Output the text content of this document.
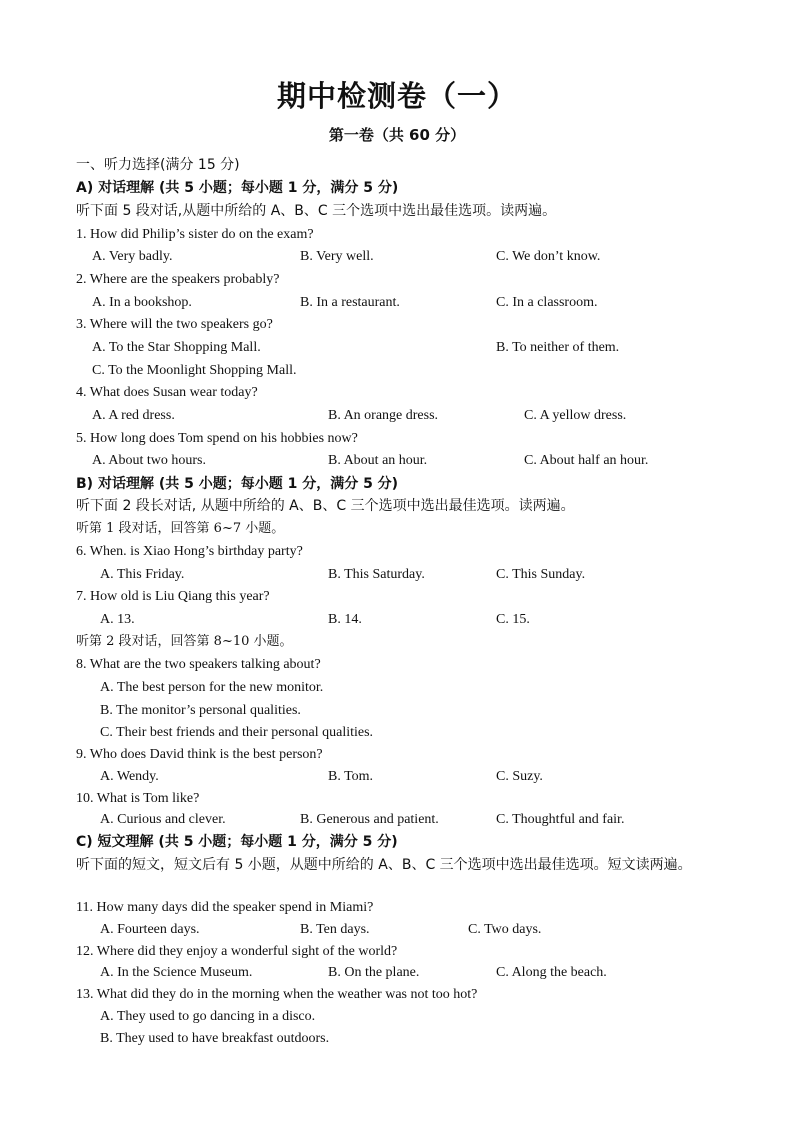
期中检测卷（一）
第一卷（共 60 分）
一、听力选择(满分 15 分)
A) 对话理解 (共 5 小题；每小题 1 分，满分 5 分)
听下面 5 段对话,从题中所给的 A、B、C 三个选项中选出最佳选项。读两遍。
1. How did Philip’s sister do on the exam?
A. Very badly.	B. Very well.	C. We don’t know.
2. Where are the speakers probably?
A. In a bookshop.	B. In a restaurant.	C. In a classroom.
3. Where will the two speakers go?
A. To the Star Shopping Mall.	B. To neither of them.
C. To the Moonlight Shopping Mall.
4. What does Susan wear today?
A. A red dress.	B. An orange dress.	C. A yellow dress.
5. How long does Tom spend on his hobbies now?
A. About two hours.	B. About an hour.	C. About half an hour.
B) 对话理解 (共 5 小题；每小题 1 分，满分 5 分)
听下面 2 段长对话, 从题中所给的 A、B、C 三个选项中选出最佳选项。读两遍。
听第 1 段对话，回答第 6~7 小题。
6. When. is Xiao Hong’s birthday party?
A. This Friday.	B. This Saturday.	C. This Sunday.
7. How old is Liu Qiang this year?
A. 13.	B. 14.	C. 15.
听第 2 段对话，回答第 8~10 小题。
8. What are the two speakers talking about?
A. The best person for the new monitor.
B. The monitor’s personal qualities.
C. Their best friends and their personal qualities.
9. Who does David think is the best person?
A. Wendy.	B. Tom.	C. Suzy.
10. What is Tom like?
A. Curious and clever.	B. Generous and patient.	C. Thoughtful and fair.
C) 短文理解 (共 5 小题；每小题 1 分，满分 5 分)
听下面的短文，短文后有 5 小题，从题中所给的 A、B、C 三个选项中选出最佳选项。短文读两遍。
11. How many days did the speaker spend in Miami?
A. Fourteen days.	B. Ten days.	C. Two days.
12. Where did they enjoy a wonderful sight of the world?
A. In the Science Museum.	B. On the plane.	C. Along the beach.
13. What did they do in the morning when the weather was not too hot?
A. They used to go dancing in a disco.
B. They used to have breakfast outdoors.
